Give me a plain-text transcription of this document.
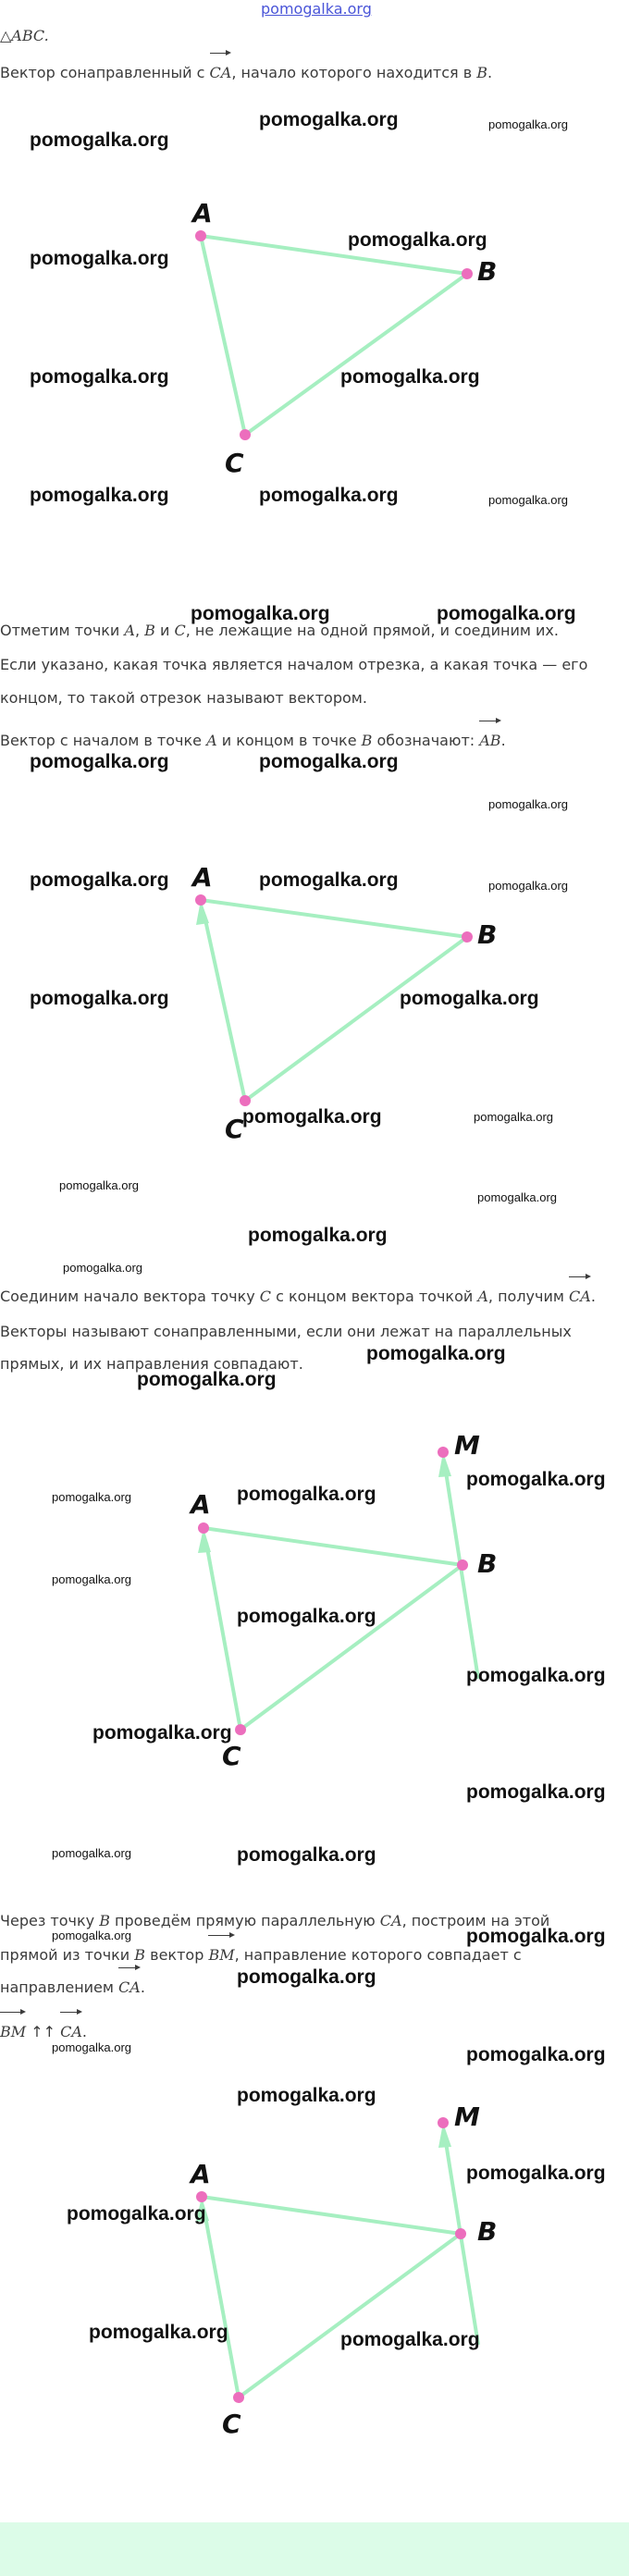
pomogalka.org
△ABC.
Вектор сонаправленный с CA, начало которого находится в B.
A
B
C
Отметим точки A, B и C, не лежащие на одной прямой, и соединим их.
Если указано, какая точка является началом отрезка, а какая точка — его
концом, то такой отрезок называют вектором.
Вектор с началом в точке A и концом в точке B обозначают: AB.
A
B
C
Соединим начало вектора точку C с концом вектора точкой A, получим CA.
Векторы называют сонаправленными, если они лежат на параллельных
прямых, и их направления совпадают.
A
B
C
M
Через точку B проведём прямую параллельную CA, построим на этой
прямой из точки B вектор BM, направление которого совпадает с
направлением CA.
BM ↑↑ CA.
A
B
C
M
pomogalka.org	pomogalka.org
pomogalka.org
pomogalka.org
pomogalka.org
pomogalka.org	pomogalka.org
pomogalka.org	pomogalka.org	pomogalka.org
pomogalka.org	pomogalka.org
pomogalka.org	pomogalka.org
pomogalka.org
pomogalka.org	pomogalka.org	pomogalka.org
pomogalka.org	pomogalka.org
pomogalka.org	pomogalka.org
pomogalka.org
pomogalka.org
pomogalka.org
pomogalka.org
pomogalka.org
pomogalka.org
pomogalka.org	pomogalka.org
pomogalka.org
pomogalka.org
pomogalka.org
pomogalka.org
pomogalka.org
pomogalka.org
pomogalka.org	pomogalka.org
pomogalka.org
pomogalka.org
pomogalka.org
pomogalka.org	pomogalka.org
pomogalka.org
pomogalka.org
pomogalka.org
pomogalka.org	pomogalka.org
